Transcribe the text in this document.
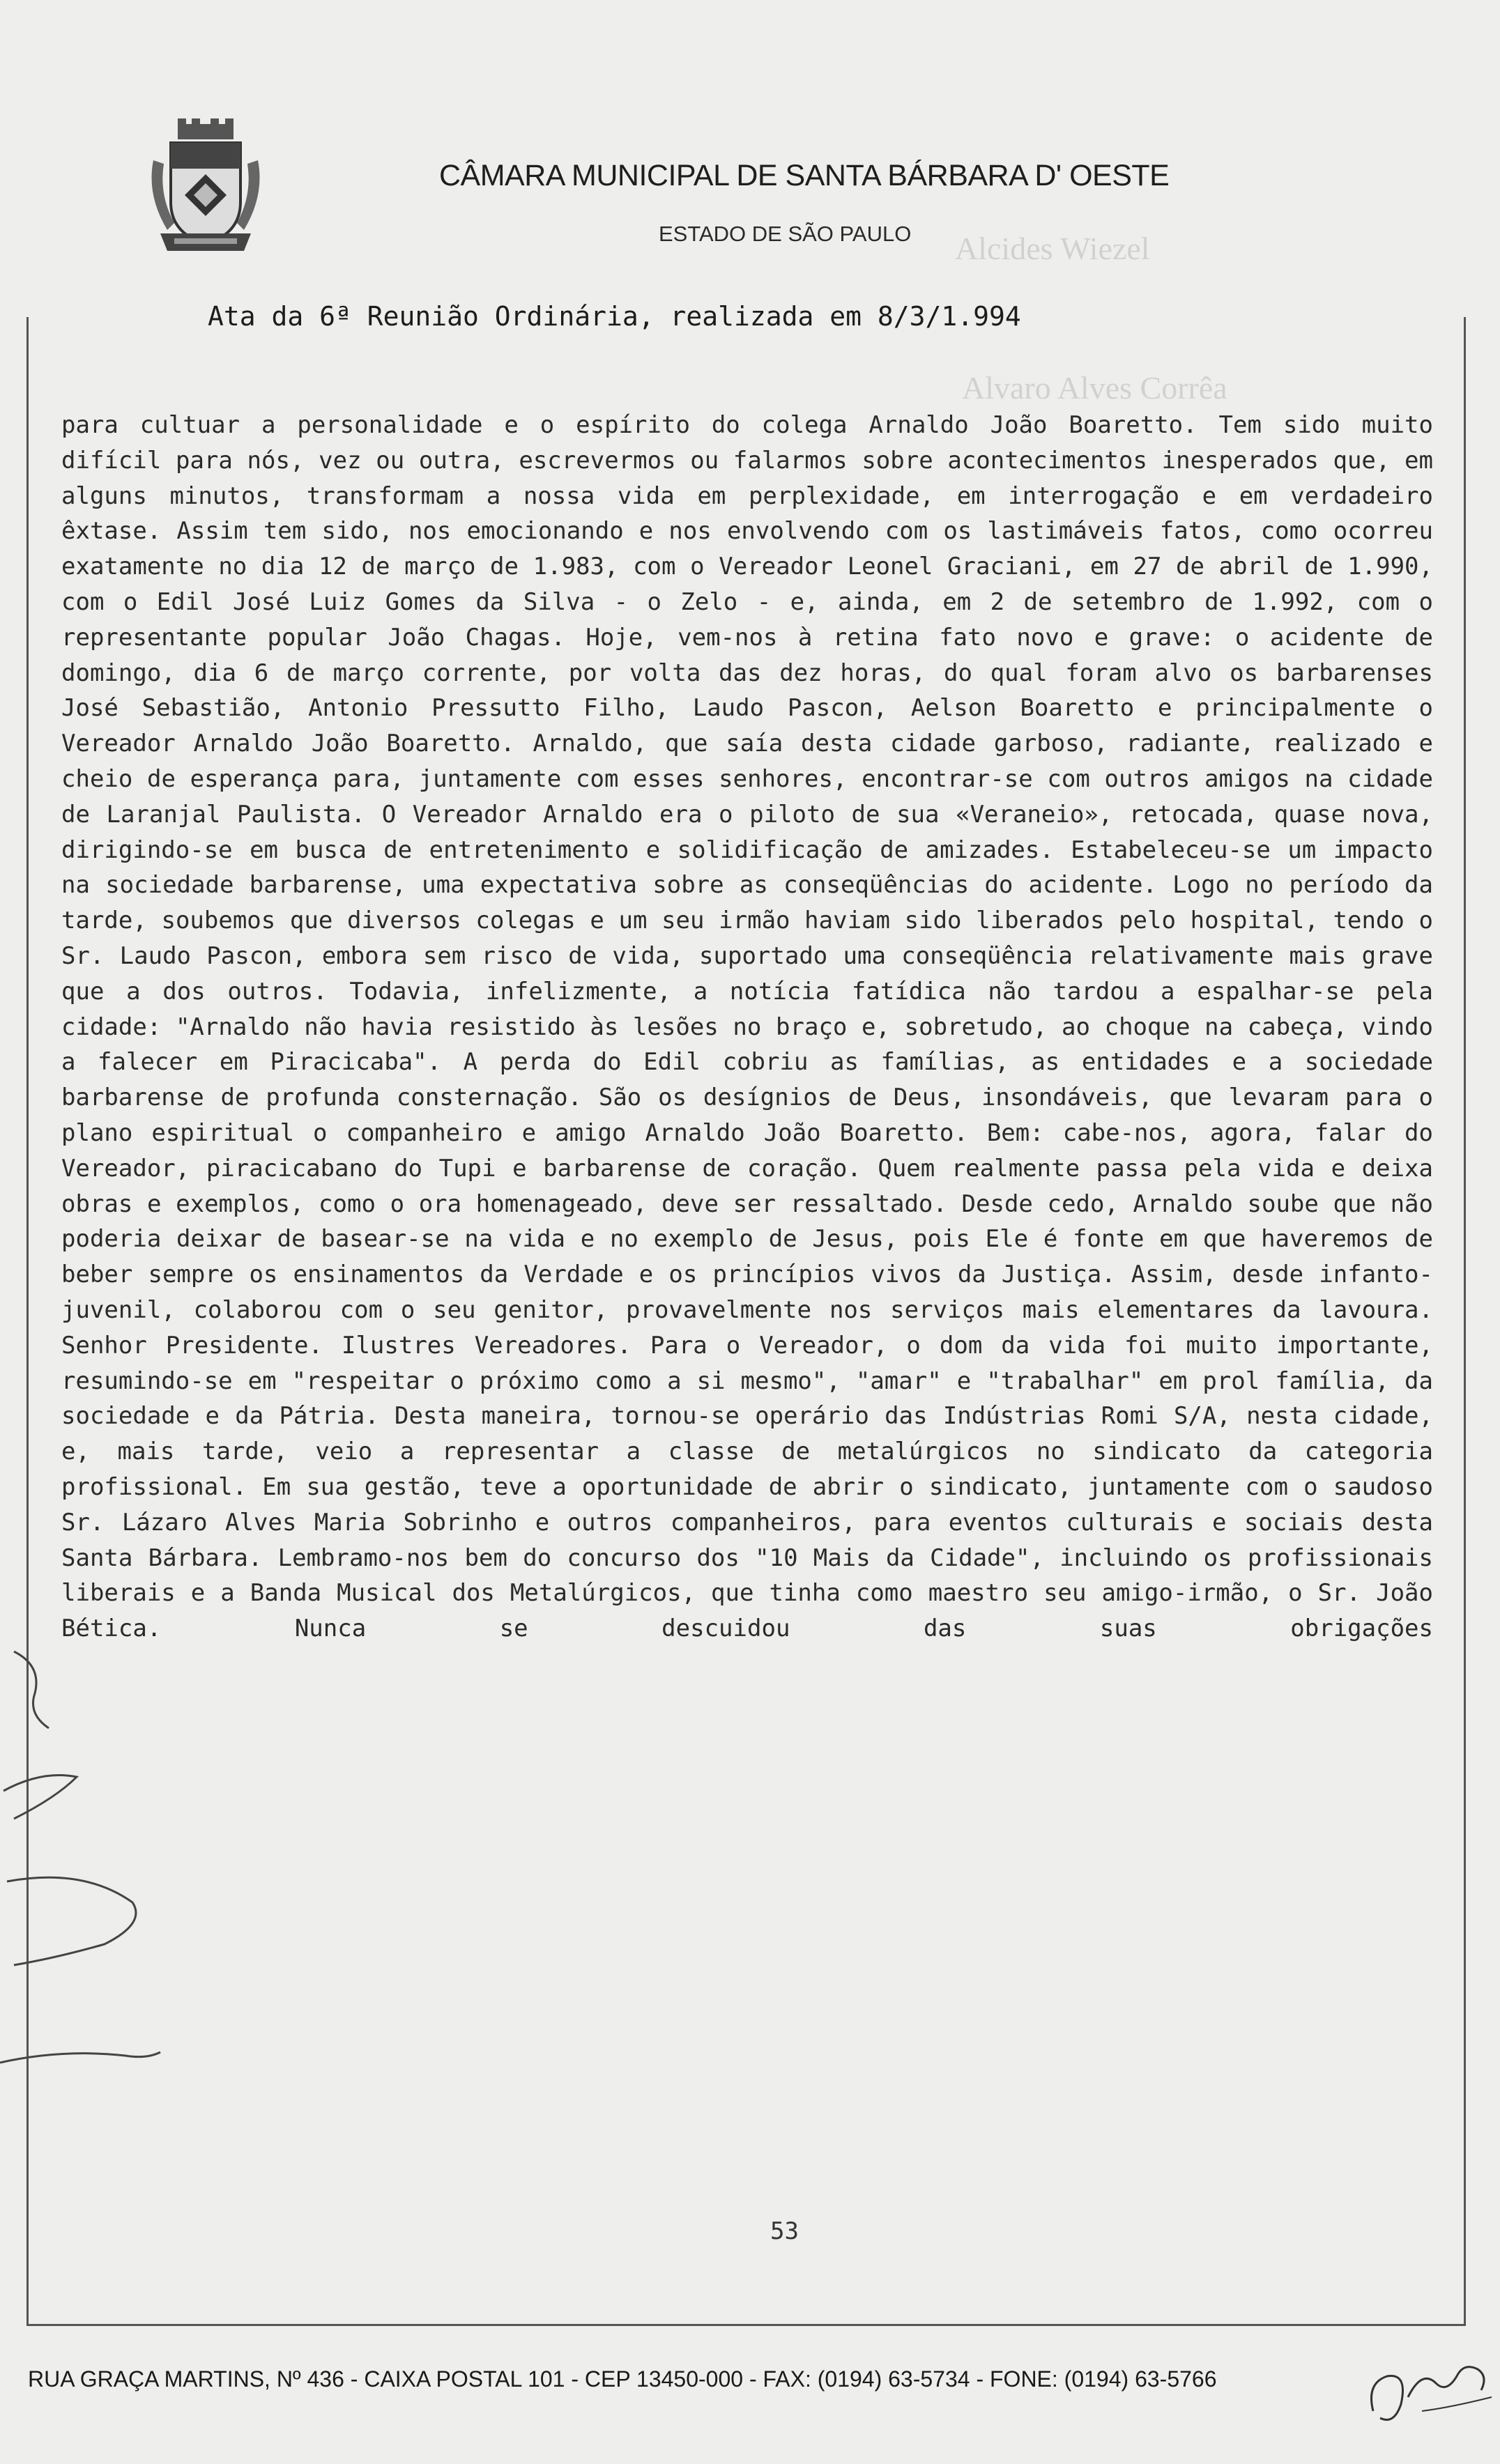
Alcides Wiezel
Alvaro Alves Corrêa
CÂMARA MUNICIPAL DE SANTA BÁRBARA D' OESTE
ESTADO DE SÃO PAULO
Ata da 6ª Reunião Ordinária, realizada em 8/3/1.994

para cultuar a personalidade e o espírito do colega Arnaldo João Boaretto. Tem sido muito difícil para nós, vez ou outra, escrevermos ou falarmos sobre acontecimentos inesperados que, em alguns minutos, transformam a nossa vida em perplexidade, em interrogação e em verdadeiro êxtase. Assim tem sido, nos emocionando e nos envolvendo com os lastimáveis fatos, como ocorreu exatamente no dia 12 de março de 1.983, com o Vereador Leonel Graciani, em 27 de abril de 1.990, com o Edil José Luiz Gomes da Silva - o Zelo - e, ainda, em 2 de setembro de 1.992, com o representante popular João Chagas. Hoje, vem-nos à retina fato novo e grave: o acidente de domingo, dia 6 de março corrente, por volta das dez horas, do qual foram alvo os barbarenses José Sebastião, Antonio Pressutto Filho, Laudo Pascon, Aelson Boaretto e principalmente o Vereador Arnaldo João Boaretto. Arnaldo, que saía desta cidade garboso, radiante, realizado e cheio de esperança para, juntamente com esses senhores, encontrar-se com outros amigos na cidade de Laranjal Paulista. O Vereador Arnaldo era o piloto de sua «Veraneio», retocada, quase nova, dirigindo-se em busca de entretenimento e solidificação de amizades. Estabeleceu-se um impacto na sociedade barbarense, uma expectativa sobre as conseqüências do acidente. Logo no período da tarde, soubemos que diversos colegas e um seu irmão haviam sido liberados pelo hospital, tendo o Sr. Laudo Pascon, embora sem risco de vida, suportado uma conseqüência relativamente mais grave que a dos outros. Todavia, infelizmente, a notícia fatídica não tardou a espalhar-se pela cidade: "Arnaldo não havia resistido às lesões no braço e, sobretudo, ao choque na cabeça, vindo a falecer em Piracicaba". A perda do Edil cobriu as famílias, as entidades e a sociedade barbarense de profunda consternação. São os desígnios de Deus, insondáveis, que levaram para o plano espiritual o companheiro e amigo Arnaldo João Boaretto. Bem: cabe-nos, agora, falar do Vereador, piracicabano do Tupi e barbarense de coração. Quem realmente passa pela vida e deixa obras e exemplos, como o ora homenageado, deve ser ressaltado. Desde cedo, Arnaldo soube que não poderia deixar de basear-se na vida e no exemplo de Jesus, pois Ele é fonte em que haveremos de beber sempre os ensinamentos da Verdade e os princípios vivos da Justiça. Assim, desde infanto-juvenil, colaborou com o seu genitor, provavelmente nos serviços mais elementares da lavoura. Senhor Presidente. Ilustres Vereadores. Para o Vereador, o dom da vida foi muito importante, resumindo-se em "respeitar o próximo como a si mesmo", "amar" e "trabalhar" em prol família, da sociedade e da Pátria. Desta maneira, tornou-se operário das Indústrias Romi S/A, nesta cidade, e, mais tarde, veio a representar a classe de metalúrgicos no sindicato da categoria profissional. Em sua gestão, teve a oportunidade de abrir o sindicato, juntamente com o saudoso Sr. Lázaro Alves Maria Sobrinho e outros companheiros, para eventos culturais e sociais desta Santa Bárbara. Lembramo-nos bem do concurso dos "10 Mais da Cidade", incluindo os profissionais liberais e a Banda Musical dos Metalúrgicos, que tinha como maestro seu amigo-irmão, o Sr. João Bética. Nunca se descuidou das suas obrigações

53
RUA GRAÇA MARTINS, Nº 436 - CAIXA POSTAL 101 - CEP 13450-000 - FAX: (0194) 63-5734 - FONE: (0194) 63-5766
